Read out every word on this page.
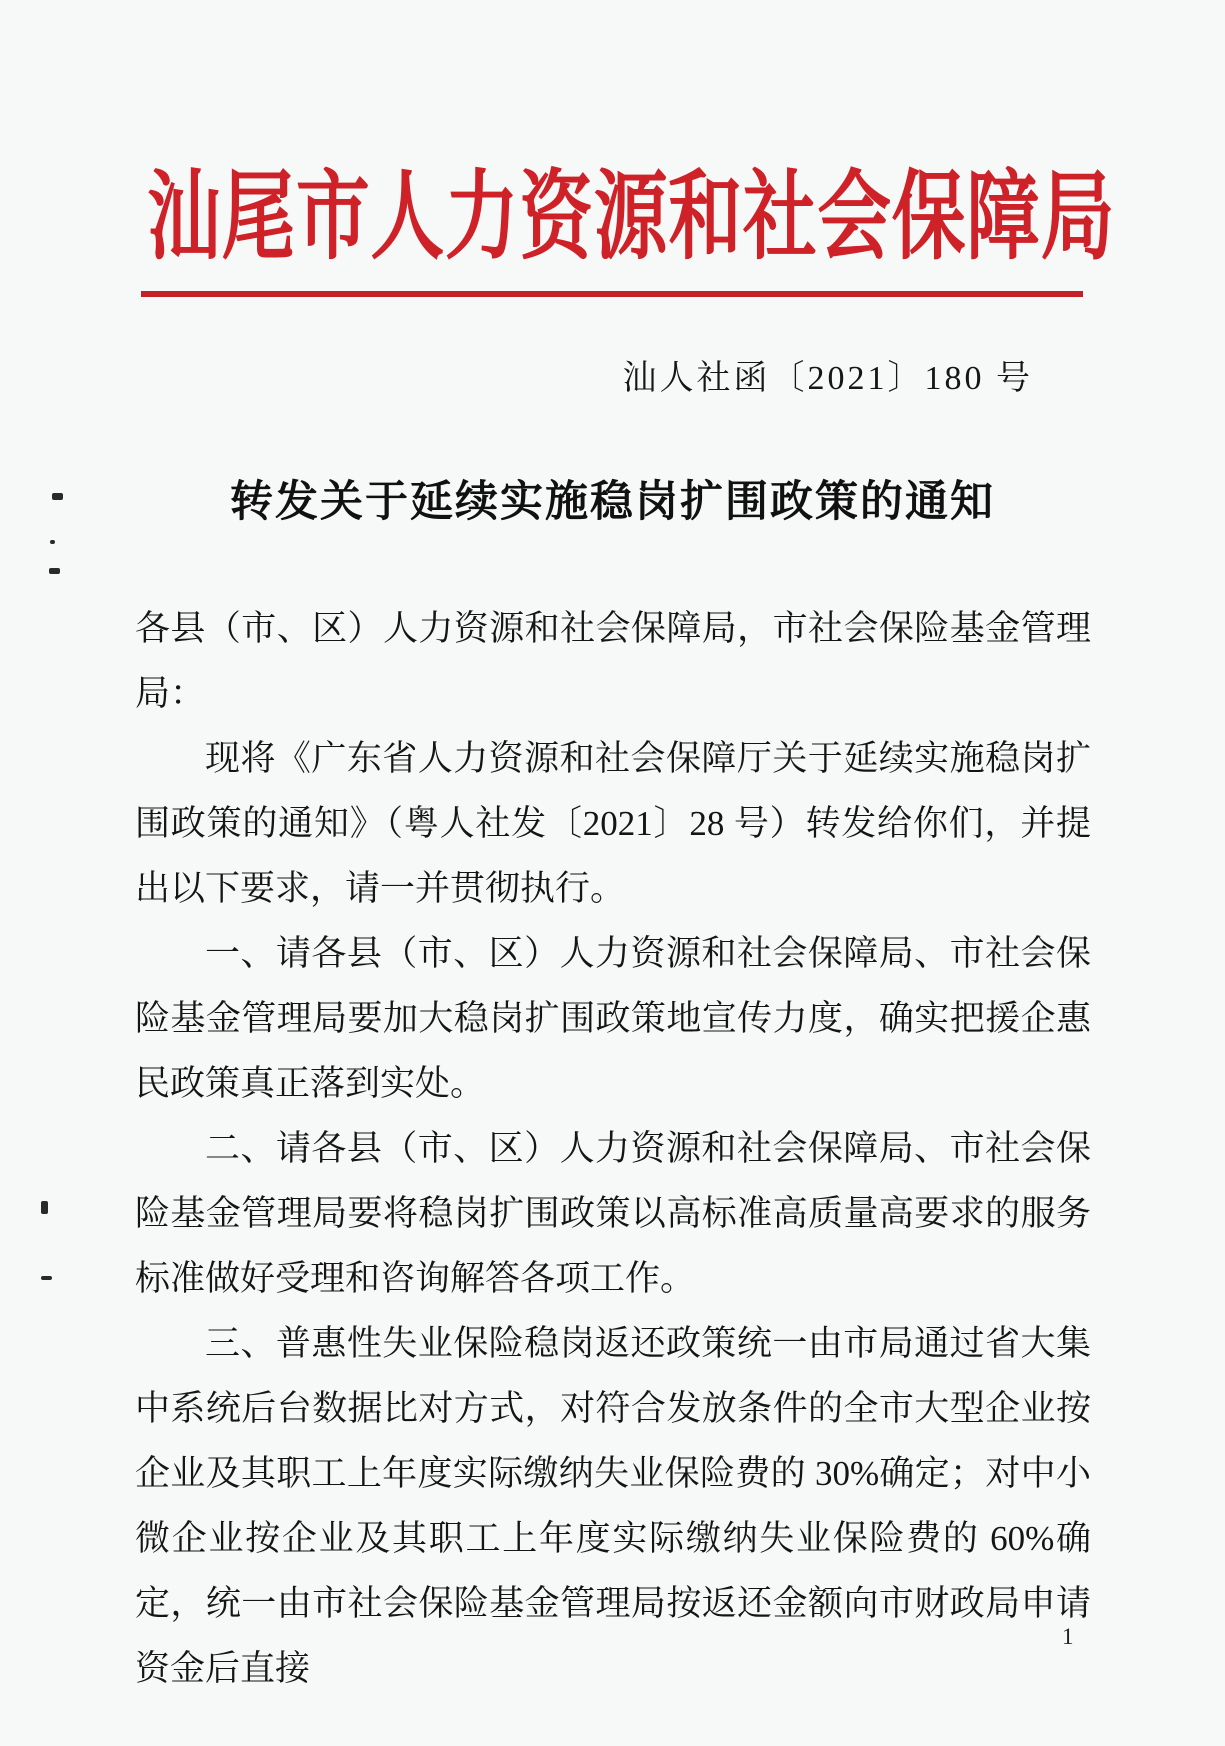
汕尾市人力资源和社会保障局
汕人社函〔2021〕180 号
转发关于延续实施稳岗扩围政策的通知

各县（市、区）人力资源和社会保障局，市社会保险基金管理局：

现将《广东省人力资源和社会保障厅关于延续实施稳岗扩围政策的通知》（粤人社发〔2021〕28 号）转发给你们，并提出以下要求，请一并贯彻执行。

一、请各县（市、区）人力资源和社会保障局、市社会保险基金管理局要加大稳岗扩围政策地宣传力度，确实把援企惠民政策真正落到实处。

二、请各县（市、区）人力资源和社会保障局、市社会保险基金管理局要将稳岗扩围政策以高标准高质量高要求的服务标准做好受理和咨询解答各项工作。

三、普惠性失业保险稳岗返还政策统一由市局通过省大集中系统后台数据比对方式，对符合发放条件的全市大型企业按企业及其职工上年度实际缴纳失业保险费的 30%确定；对中小微企业按企业及其职工上年度实际缴纳失业保险费的 60%确定，统一由市社会保险基金管理局按返还金额向市财政局申请资金后直接

1
